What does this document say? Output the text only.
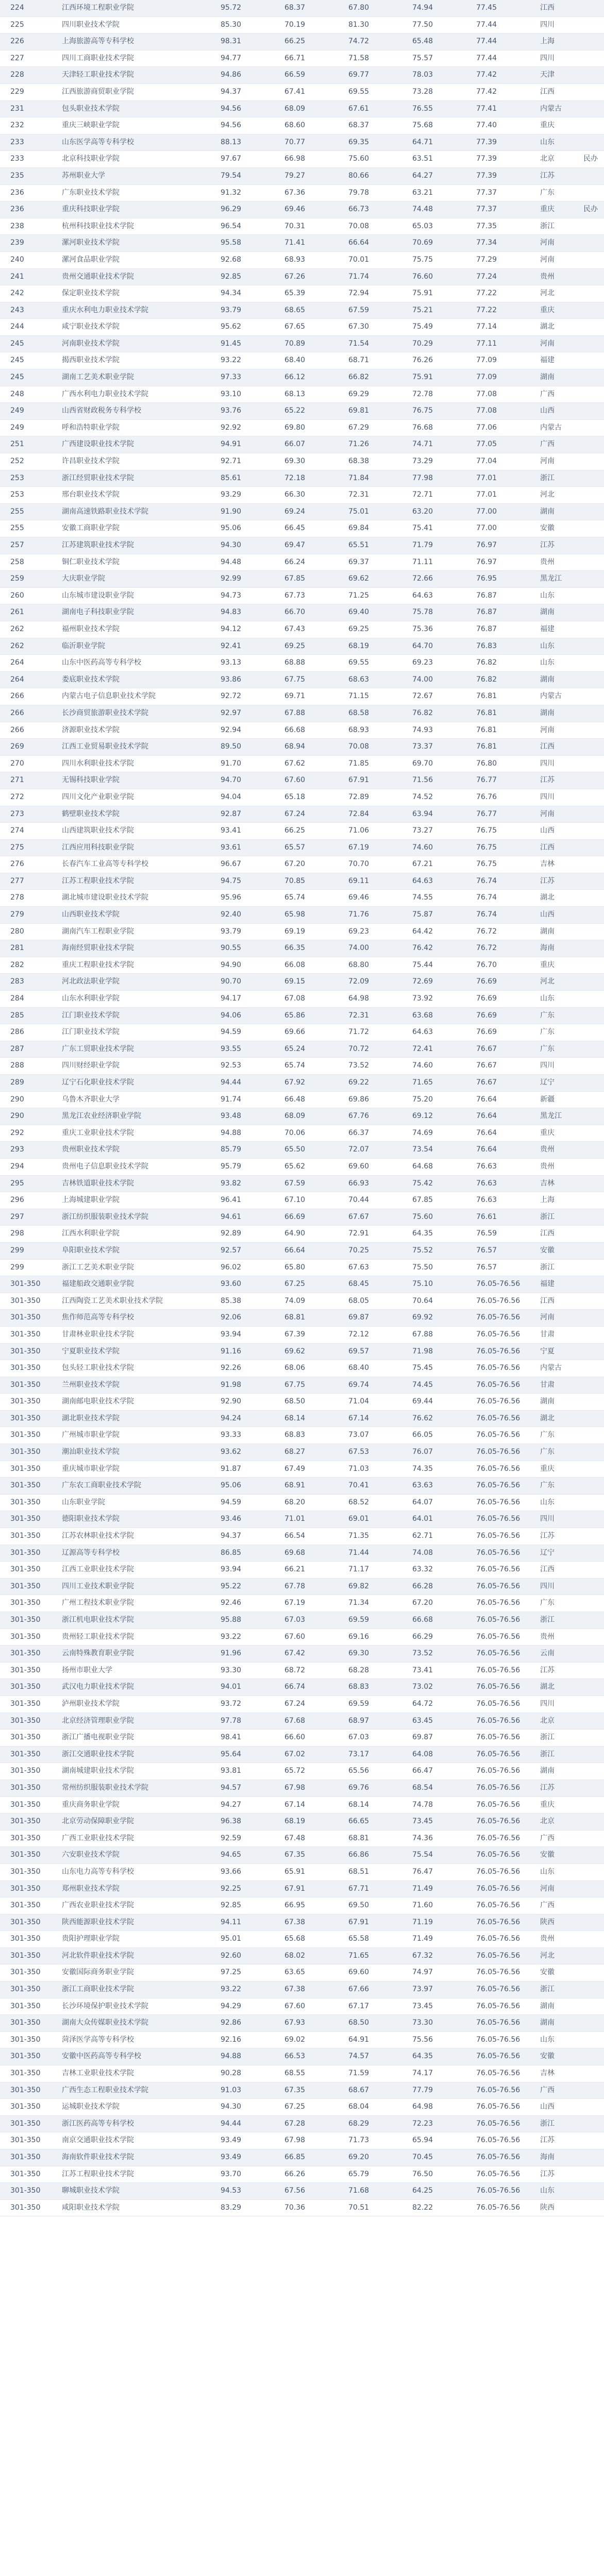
224	江西环境工程职业学院	95.72	68.37	67.80	74.94	77.45	江西	
225	四川职业技术学院	85.30	70.19	81.30	77.50	77.44	四川	
226	上海旅游高等专科学校	98.31	66.25	74.72	65.48	77.44	上海	
227	四川工商职业技术学院	94.77	66.71	71.58	75.57	77.44	四川	
228	天津轻工职业技术学院	94.86	66.59	69.77	78.03	77.42	天津	
229	江西旅游商贸职业学院	94.37	67.41	69.55	73.28	77.42	江西	
231	包头职业技术学院	94.56	68.09	67.61	76.55	77.41	内蒙古	
232	重庆三峡职业学院	94.56	68.60	68.37	75.68	77.40	重庆	
233	山东医学高等专科学校	88.13	70.77	69.35	64.71	77.39	山东	
233	北京科技职业学院	97.67	66.98	75.60	63.51	77.39	北京	民办
235	苏州职业大学	79.54	79.27	80.66	64.27	77.39	江苏	
236	广东职业技术学院	91.32	67.36	79.78	63.21	77.37	广东	
236	重庆科技职业学院	96.29	69.46	66.73	74.48	77.37	重庆	民办
238	杭州科技职业技术学院	96.54	70.31	70.08	65.03	77.35	浙江	
239	漯河职业技术学院	95.58	71.41	66.64	70.69	77.34	河南	
240	漯河食品职业学院	92.68	68.93	70.01	75.75	77.29	河南	
241	贵州交通职业技术学院	92.85	67.26	71.74	76.60	77.24	贵州	
242	保定职业技术学院	94.34	65.39	72.94	75.91	77.22	河北	
243	重庆水利电力职业技术学院	93.79	68.65	67.59	75.21	77.22	重庆	
244	咸宁职业技术学院	95.62	67.65	67.30	75.49	77.14	湖北	
245	河南职业技术学院	91.45	70.89	71.54	70.29	77.11	河南	
245	揭西职业技术学院	93.22	68.40	68.71	76.26	77.09	福建	
245	湖南工艺美术职业学院	97.33	66.12	66.82	75.91	77.09	湖南	
248	广西水利电力职业技术学院	93.10	68.13	69.29	72.78	77.08	广西	
249	山西省财政税务专科学校	93.76	65.22	69.81	76.75	77.08	山西	
249	呼和浩特职业学院	92.92	69.80	67.29	76.68	77.06	内蒙古	
251	广西建设职业技术学院	94.91	66.07	71.26	74.71	77.05	广西	
252	许昌职业技术学院	92.71	69.30	68.38	73.29	77.04	河南	
253	浙江经贸职业技术学院	85.61	72.18	71.84	77.98	77.01	浙江	
253	邢台职业技术学院	93.29	66.30	72.31	72.71	77.01	河北	
255	湖南高速铁路职业技术学院	91.90	69.24	75.01	63.20	77.00	湖南	
255	安徽工商职业学院	95.06	66.45	69.84	75.41	77.00	安徽	
257	江苏建筑职业技术学院	94.30	69.47	65.51	71.79	76.97	江苏	
258	铜仁职业技术学院	94.48	66.24	69.37	71.11	76.97	贵州	
259	大庆职业学院	92.99	67.85	69.62	72.66	76.95	黑龙江	
260	山东城市建设职业学院	94.73	67.73	71.25	64.63	76.87	山东	
261	湖南电子科技职业学院	94.83	66.70	69.40	75.78	76.87	湖南	
262	福州职业技术学院	94.12	67.43	69.25	75.36	76.87	福建	
262	临沂职业学院	92.41	69.25	68.19	64.70	76.83	山东	
264	山东中医药高等专科学校	93.13	68.88	69.55	69.23	76.82	山东	
264	娄底职业技术学院	93.86	67.75	68.63	74.00	76.82	湖南	
266	内蒙古电子信息职业技术学院	92.72	69.71	71.15	72.67	76.81	内蒙古	
266	长沙商贸旅游职业技术学院	92.97	67.88	68.58	76.82	76.81	湖南	
266	济源职业技术学院	92.94	66.68	68.93	74.93	76.81	河南	
269	江西工业贸易职业技术学院	89.50	68.94	70.08	73.37	76.81	江西	
270	四川水利职业技术学院	91.70	67.62	71.85	69.70	76.80	四川	
271	无锡科技职业学院	94.70	67.60	67.91	71.56	76.77	江苏	
272	四川文化产业职业学院	94.04	65.18	72.89	74.52	76.76	四川	
273	鹤壁职业技术学院	92.87	67.24	72.84	63.94	76.77	河南	
274	山西建筑职业技术学院	93.41	66.25	71.06	73.27	76.75	山西	
275	江西应用科技职业学院	93.61	65.57	67.19	74.60	76.75	江西	
276	长春汽车工业高等专科学校	96.67	67.20	70.70	67.21	76.75	吉林	
277	江苏工程职业技术学院	94.75	70.85	69.11	64.63	76.74	江苏	
278	湖北城市建设职业技术学院	95.96	65.74	69.46	74.55	76.74	湖北	
279	山西职业技术学院	92.40	65.98	71.76	75.87	76.74	山西	
280	湖南汽车工程职业学院	93.79	69.19	69.23	64.42	76.72	湖南	
281	海南经贸职业技术学院	90.55	66.35	74.00	76.42	76.72	海南	
282	重庆工程职业技术学院	94.90	66.08	68.80	75.44	76.70	重庆	
283	河北政法职业学院	90.70	69.15	72.09	72.69	76.69	河北	
284	山东水利职业学院	94.17	67.08	64.98	73.92	76.69	山东	
285	江门职业技术学院	94.06	65.86	72.31	63.68	76.69	广东	
286	江门职业技术学院	94.59	69.66	71.72	64.63	76.69	广东	
287	广东工贸职业技术学院	93.55	65.24	70.72	72.41	76.67	广东	
288	四川财经职业学院	92.53	65.74	73.52	74.60	76.67	四川	
289	辽宁石化职业技术学院	94.44	67.92	69.22	71.65	76.67	辽宁	
290	乌鲁木齐职业大学	91.74	66.48	69.86	75.20	76.64	新疆	
290	黑龙江农业经济职业学院	93.48	68.09	67.76	69.12	76.64	黑龙江	
292	重庆工业职业技术学院	94.88	70.06	66.37	74.69	76.64	重庆	
293	贵州职业技术学院	85.79	65.50	72.07	73.54	76.64	贵州	
294	贵州电子信息职业技术学院	95.79	65.62	69.60	64.68	76.63	贵州	
295	吉林铁道职业技术学院	93.82	67.59	66.93	75.42	76.63	吉林	
296	上海城建职业学院	96.41	67.10	70.44	67.85	76.63	上海	
297	浙江纺织服装职业技术学院	94.61	66.69	67.67	75.60	76.61	浙江	
298	江西水利职业学院	92.89	64.90	72.91	64.35	76.59	江西	
299	阜阳职业技术学院	92.57	66.64	70.25	75.52	76.57	安徽	
299	浙江工艺美术职业学院	96.02	65.80	67.63	75.50	76.57	浙江	
301-350	福建船政交通职业学院	93.60	67.25	68.45	75.10	76.05-76.56	福建	
301-350	江西陶瓷工艺美术职业技术学院	85.38	74.09	68.05	70.64	76.05-76.56	江西	
301-350	焦作师范高等专科学校	92.06	68.81	69.87	69.92	76.05-76.56	河南	
301-350	甘肃林业职业技术学院	93.94	67.39	72.12	67.88	76.05-76.56	甘肃	
301-350	宁夏职业技术学院	91.16	69.62	69.57	71.98	76.05-76.56	宁夏	
301-350	包头轻工职业技术学院	92.26	68.06	68.40	75.45	76.05-76.56	内蒙古	
301-350	兰州职业技术学院	91.98	67.75	69.74	74.45	76.05-76.56	甘肃	
301-350	湖南邮电职业技术学院	92.90	68.50	71.04	69.44	76.05-76.56	湖南	
301-350	湖北职业技术学院	94.24	68.14	67.14	76.62	76.05-76.56	湖北	
301-350	广州城市职业学院	93.33	68.83	73.07	66.05	76.05-76.56	广东	
301-350	潮汕职业技术学院	93.62	68.27	67.53	76.07	76.05-76.56	广东	
301-350	重庆城市职业学院	91.87	67.49	71.03	74.35	76.05-76.56	重庆	
301-350	广东农工商职业技术学院	95.06	68.91	70.41	63.63	76.05-76.56	广东	
301-350	山东职业学院	94.59	68.20	68.52	64.07	76.05-76.56	山东	
301-350	德阳职业技术学院	93.46	71.01	69.01	64.01	76.05-76.56	四川	
301-350	江苏农林职业技术学院	94.37	66.54	71.35	62.71	76.05-76.56	江苏	
301-350	辽源高等专科学校	86.85	69.68	71.44	74.08	76.05-76.56	辽宁	
301-350	江西工业职业技术学院	93.94	66.21	71.17	63.32	76.05-76.56	江西	
301-350	四川工业技术职业学院	95.22	67.78	69.82	66.28	76.05-76.56	四川	
301-350	广州工程技术职业学院	92.46	67.19	71.34	67.20	76.05-76.56	广东	
301-350	浙江机电职业技术学院	95.88	67.03	69.59	66.68	76.05-76.56	浙江	
301-350	贵州轻工职业技术学院	93.22	67.60	69.16	66.29	76.05-76.56	贵州	
301-350	云南特殊教育职业学院	91.96	67.42	69.30	73.52	76.05-76.56	云南	
301-350	扬州市职业大学	93.30	68.72	68.28	73.41	76.05-76.56	江苏	
301-350	武汉电力职业技术学院	94.01	66.74	68.83	73.02	76.05-76.56	湖北	
301-350	泸州职业技术学院	93.72	67.24	69.59	64.72	76.05-76.56	四川	
301-350	北京经济管理职业学院	97.78	67.68	68.97	63.45	76.05-76.56	北京	
301-350	浙江广播电视职业学院	98.41	66.60	67.03	69.87	76.05-76.56	浙江	
301-350	浙江交通职业技术学院	95.64	67.02	73.17	64.08	76.05-76.56	浙江	
301-350	湖南城建职业技术学院	93.81	65.72	65.56	66.47	76.05-76.56	湖南	
301-350	常州纺织服装职业技术学院	94.57	67.98	69.76	68.54	76.05-76.56	江苏	
301-350	重庆商务职业学院	94.27	67.14	68.14	74.78	76.05-76.56	重庆	
301-350	北京劳动保障职业学院	96.38	68.19	66.65	73.45	76.05-76.56	北京	
301-350	广西工业职业技术学院	92.59	67.48	68.81	74.36	76.05-76.56	广西	
301-350	六安职业技术学院	94.65	67.35	66.86	75.54	76.05-76.56	安徽	
301-350	山东电力高等专科学校	93.66	65.91	68.51	76.47	76.05-76.56	山东	
301-350	郑州职业技术学院	92.25	67.91	67.71	71.49	76.05-76.56	河南	
301-350	广西农业职业技术学院	92.85	66.95	69.50	71.60	76.05-76.56	广西	
301-350	陕西能源职业技术学院	94.11	67.38	67.91	71.19	76.05-76.56	陕西	
301-350	贵阳护理职业学院	95.01	65.68	65.58	71.49	76.05-76.56	贵州	
301-350	河北软件职业技术学院	92.60	68.02	71.65	67.32	76.05-76.56	河北	
301-350	安徽国际商务职业学院	97.25	63.65	69.60	74.97	76.05-76.56	安徽	
301-350	浙江工商职业技术学院	93.22	67.38	67.66	73.97	76.05-76.56	浙江	
301-350	长沙环境保护职业技术学院	94.29	67.60	67.17	73.45	76.05-76.56	湖南	
301-350	湖南大众传媒职业技术学院	92.86	67.93	68.50	73.30	76.05-76.56	湖南	
301-350	菏泽医学高等专科学校	92.16	69.02	64.91	75.56	76.05-76.56	山东	
301-350	安徽中医药高等专科学校	94.88	66.53	74.57	64.35	76.05-76.56	安徽	
301-350	吉林工业职业技术学院	90.28	68.55	71.59	74.17	76.05-76.56	吉林	
301-350	广西生态工程职业技术学院	91.03	67.35	68.67	77.79	76.05-76.56	广西	
301-350	运城职业技术学院	94.30	67.25	68.04	64.98	76.05-76.56	山西	
301-350	浙江医药高等专科学校	94.44	67.28	68.29	72.23	76.05-76.56	浙江	
301-350	南京交通职业技术学院	93.49	67.98	71.73	65.94	76.05-76.56	江苏	
301-350	海南软件职业技术学院	93.49	66.85	69.20	70.45	76.05-76.56	海南	
301-350	江苏工程职业技术学院	93.70	66.26	65.79	76.50	76.05-76.56	江苏	
301-350	聊城职业技术学院	94.53	67.56	71.68	64.25	76.05-76.56	山东	
301-350	咸阳职业技术学院	83.29	70.36	70.51	82.22	76.05-76.56	陕西	
